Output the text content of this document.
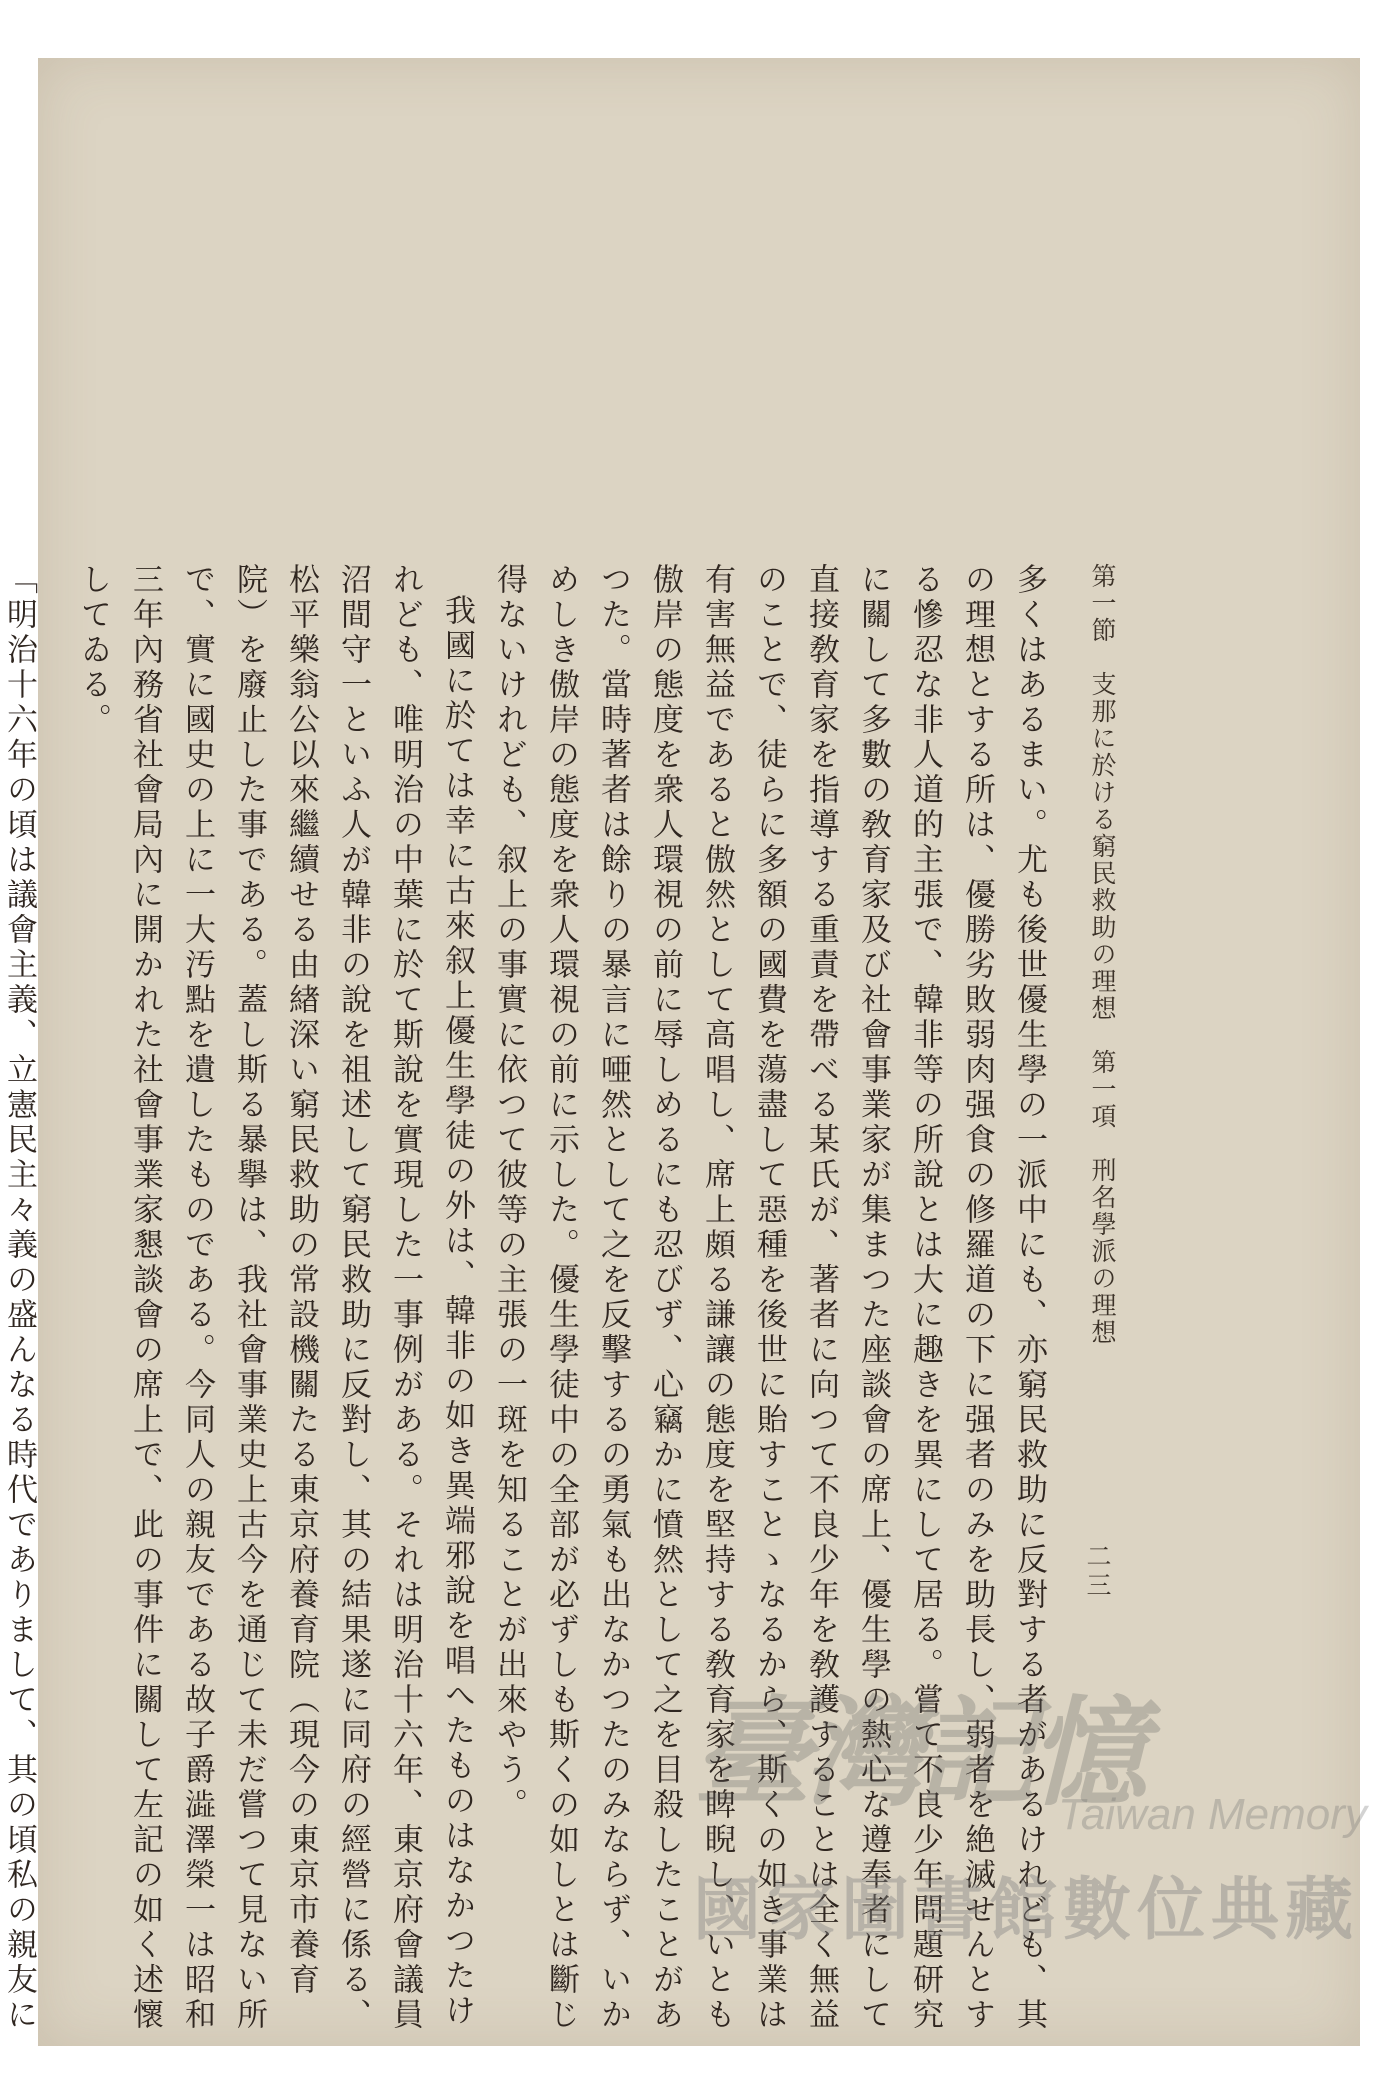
第一節　支那に於ける窮民救助の理想　第一項　刑名學派の理想
二三

多くはあるまい。尤も後世優生學の一派中にも、亦窮民救助に反對する者があるけれども、其の理想とする所は、優勝劣敗弱肉强食の修羅道の下に强者のみを助長し、弱者を絶滅せんとする慘忍な非人道的主張で、韓非等の所說とは大に趣きを異にして居る。嘗て不良少年問題研究に關して多數の敎育家及び社會事業家が集まつた座談會の席上、優生學の熱心な遵奉者にして直接敎育家を指導する重責を帶べる某氏が、著者に向つて不良少年を敎護することは全く無益のことで、徒らに多額の國費を蕩盡して惡種を後世に貽すことゝなるから、斯くの如き事業は有害無益であると傲然として高唱し、席上頗る謙讓の態度を堅持する敎育家を睥睨し、いとも傲岸の態度を衆人環視の前に辱しめるにも忍びず、心竊かに憤然として之を目殺したことがあつた。當時著者は餘りの暴言に唖然として之を反擊するの勇氣も出なかつたのみならず、いかめしき傲岸の態度を衆人環視の前に示した。優生學徒中の全部が必ずしも斯くの如しとは斷じ得ないけれども、叙上の事實に依つて彼等の主張の一斑を知ることが出來やう。

我國に於ては幸に古來叙上優生學徒の外は、韓非の如き異端邪說を唱へたものはなかつたけれども、唯明治の中葉に於て斯說を實現した一事例がある。それは明治十六年、東京府會議員沼間守一といふ人が韓非の說を祖述して窮民救助に反對し、其の結果遂に同府の經營に係る、松平樂翁公以來繼續せる由緖深い窮民救助の常設機關たる東京府養育院（現今の東京市養育院）を廢止した事である。蓋し斯る暴擧は、我社會事業史上古今を通じて未だ嘗つて見ない所で、實に國史の上に一大汚點を遺したものである。今同人の親友である故子爵澁澤榮一は昭和三年內務省社會局內に開かれた社會事業家懇談會の席上で、此の事件に關して左記の如く述懷してゐる。

「明治十六年の頃は議會主義、立憲民主々義の盛んなる時代でありまして、其の頃私の親友に

臺灣記憶
Taiwan Memory
國家圖書館數位典藏
